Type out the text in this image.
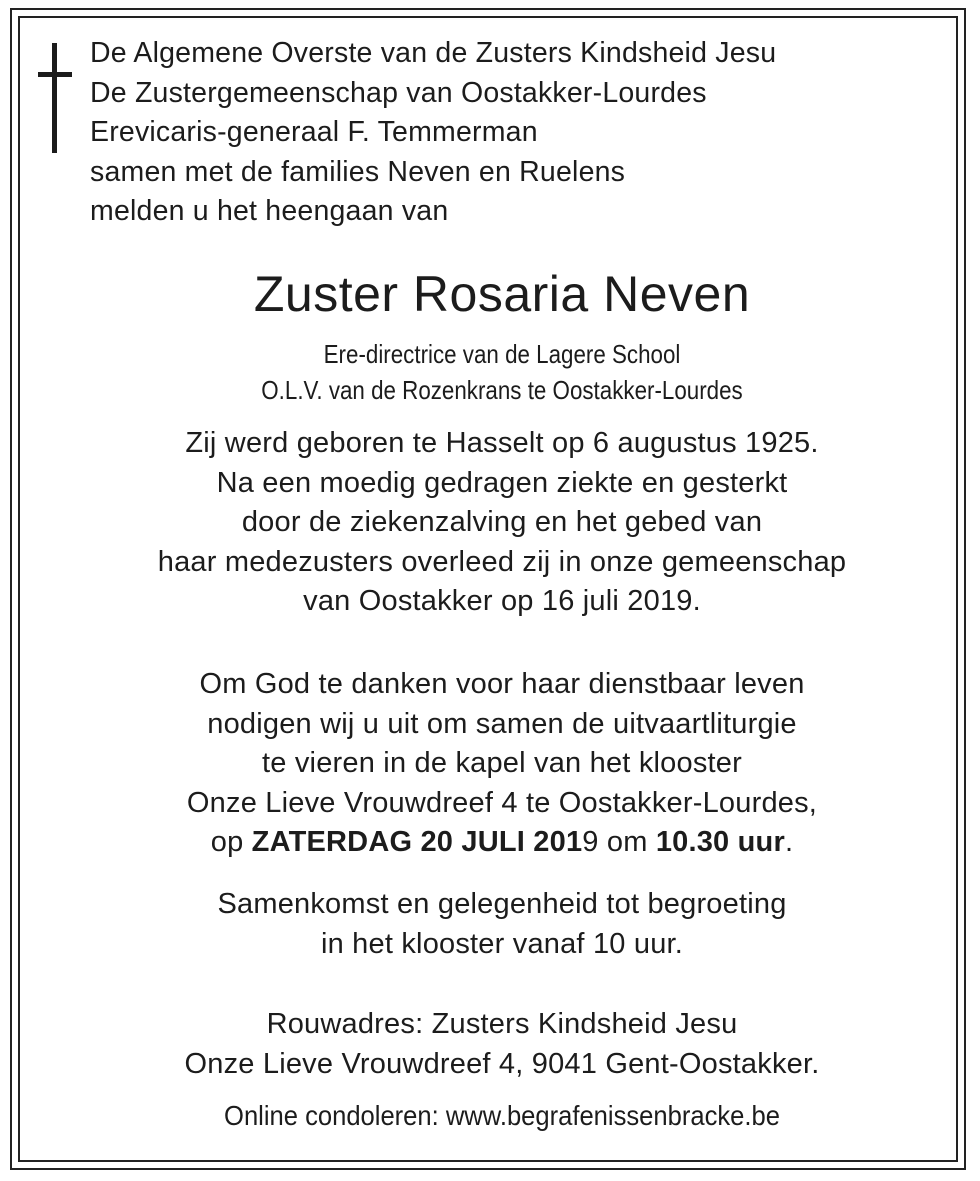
De Algemene Overste van de Zusters Kindsheid Jesu
De Zustergemeenschap van Oostakker-Lourdes
Erevicaris-generaal F. Temmerman
samen met de families Neven en Ruelens
melden u het heengaan van
Zuster Rosaria Neven
Ere-directrice van de Lagere School
O.L.V. van de Rozenkrans te Oostakker-Lourdes
Zij werd geboren te Hasselt op 6 augustus 1925.
Na een moedig gedragen ziekte en gesterkt
door de ziekenzalving en het gebed van
haar medezusters overleed zij in onze gemeenschap
van Oostakker op 16 juli 2019.
Om God te danken voor haar dienstbaar leven
nodigen wij u uit om samen de uitvaartliturgie
te vieren in de kapel van het klooster
Onze Lieve Vrouwdreef 4 te Oostakker-Lourdes,
op ZATERDAG 20 JULI 2019 om 10.30 uur.
Samenkomst en gelegenheid tot begroeting
in het klooster vanaf 10 uur.
Rouwadres: Zusters Kindsheid Jesu
Onze Lieve Vrouwdreef 4, 9041 Gent-Oostakker.
Online condoleren: www.begrafenissenbracke.be
